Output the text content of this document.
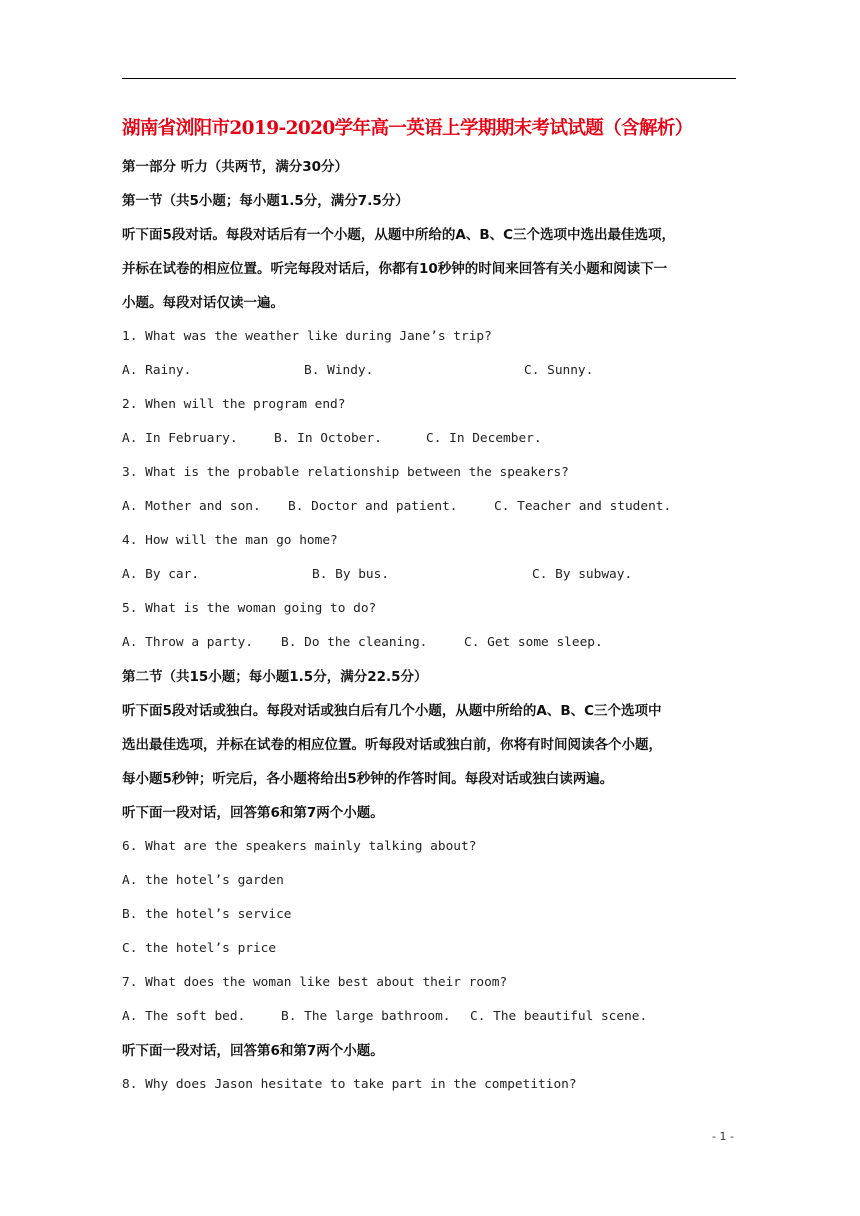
湖南省浏阳市2019-2020学年高一英语上学期期末考试试题（含解析）
第一部分 听力（共两节，满分30分）
第一节（共5小题；每小题1.5分，满分7.5分）
听下面5段对话。每段对话后有一个小题，从题中所给的A、B、C三个选项中选出最佳选项，
并标在试卷的相应位置。听完每段对话后，你都有10秒钟的时间来回答有关小题和阅读下一
小题。每段对话仅读一遍。
1. What was the weather like during Jane’s trip?
A. Rainy.	B. Windy.	C. Sunny.
2. When will the program end?
A. In February.	B. In October.	C. In December.
3. What is the probable relationship between the speakers?
A. Mother and son. B. Doctor and patient.	C. Teacher and student.
4. How will the man go home?
A. By car.	B. By bus.	C. By subway.
5. What is the woman going to do?
A. Throw a party. B. Do the cleaning.	C. Get some sleep.
第二节（共15小题；每小题1.5分，满分22.5分）
听下面5段对话或独白。每段对话或独白后有几个小题，从题中所给的A、B、C三个选项中
选出最佳选项，并标在试卷的相应位置。听每段对话或独白前，你将有时间阅读各个小题，
每小题5秒钟；听完后，各小题将给出5秒钟的作答时间。每段对话或独白读两遍。
听下面一段对话，回答第6和第7两个小题。
6. What are the speakers mainly talking about?
A. the hotel’s garden
B. the hotel’s service
C. the hotel’s price
7. What does the woman like best about their room?
A. The soft bed.	B. The large bathroom. C. The beautiful scene.
听下面一段对话，回答第6和第7两个小题。
8. Why does Jason hesitate to take part in the competition?
- 1 -
